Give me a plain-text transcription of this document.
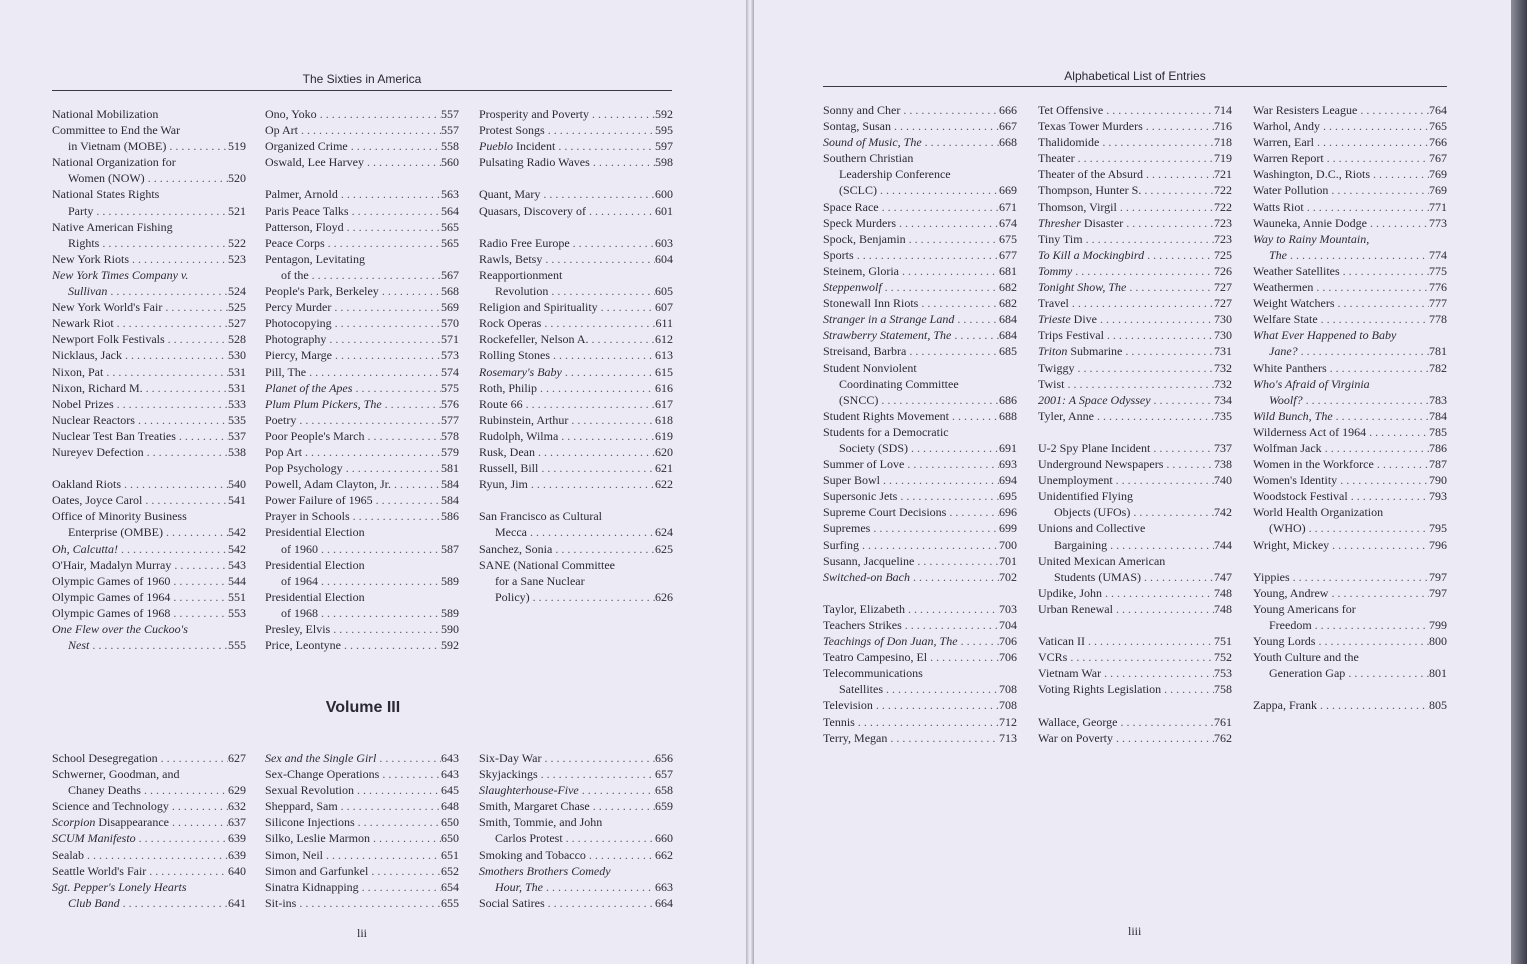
The Sixties in America
National Mobilization
Committee to End the War
in Vietnam (MOBE) .....	519
National Organization for
Women (NOW) .....	520
National States Rights
Party .....	521
Native American Fishing
Rights .....	522
New York Riots .....	523
New York Times Company v.
Sullivan .....	524
New York World's Fair .....	525
Newark Riot .....	527
Newport Folk Festivals .....	528
Nicklaus, Jack .....	530
Nixon, Pat .....	531
Nixon, Richard M. .....	531
Nobel Prizes .....	533
Nuclear Reactors .....	535
Nuclear Test Ban Treaties .....	537
Nureyev Defection .....	538
Oakland Riots .....	540
Oates, Joyce Carol .....	541
Office of Minority Business
Enterprise (OMBE) .....	542
Oh, Calcutta! .....	542
O'Hair, Madalyn Murray .....	543
Olympic Games of 1960 .....	544
Olympic Games of 1964 .....	551
Olympic Games of 1968 .....	553
One Flew over the Cuckoo's
Nest .....	555
Ono, Yoko .....	557
Op Art .....	557
Organized Crime .....	558
Oswald, Lee Harvey .....	560
Palmer, Arnold .....	563
Paris Peace Talks .....	564
Patterson, Floyd .....	565
Peace Corps .....	565
Pentagon, Levitating
of the .....	567
People's Park, Berkeley .....	568
Percy Murder .....	569
Photocopying .....	570
Photography .....	571
Piercy, Marge .....	573
Pill, The .....	574
Planet of the Apes .....	575
Plum Plum Pickers, The .....	576
Poetry .....	577
Poor People's March .....	578
Pop Art .....	579
Pop Psychology .....	581
Powell, Adam Clayton, Jr. .....	584
Power Failure of 1965 .....	584
Prayer in Schools .....	586
Presidential Election
of 1960 .....	587
Presidential Election
of 1964 .....	589
Presidential Election
of 1968 .....	589
Presley, Elvis .....	590
Price, Leontyne .....	592
Prosperity and Poverty .....	592
Protest Songs .....	595
Pueblo Incident .....	597
Pulsating Radio Waves .....	598
Quant, Mary .....	600
Quasars, Discovery of .....	601
Radio Free Europe .....	603
Rawls, Betsy .....	604
Reapportionment
Revolution .....	605
Religion and Spirituality .....	607
Rock Operas .....	611
Rockefeller, Nelson A. .....	612
Rolling Stones .....	613
Rosemary's Baby .....	615
Roth, Philip .....	616
Route 66 .....	617
Rubinstein, Arthur .....	618
Rudolph, Wilma .....	619
Rusk, Dean .....	620
Russell, Bill .....	621
Ryun, Jim .....	622
San Francisco as Cultural
Mecca .....	624
Sanchez, Sonia .....	625
SANE (National Committee
for a Sane Nuclear
Policy) .....	626
Volume III
School Desegregation .....	627
Schwerner, Goodman, and
Chaney Deaths .....	629
Science and Technology .....	632
Scorpion Disappearance .....	637
SCUM Manifesto .....	639
Sealab .....	639
Seattle World's Fair .....	640
Sgt. Pepper's Lonely Hearts
Club Band .....	641
Sex and the Single Girl .....	643
Sex-Change Operations .....	643
Sexual Revolution .....	645
Sheppard, Sam .....	648
Silicone Injections .....	650
Silko, Leslie Marmon .....	650
Simon, Neil .....	651
Simon and Garfunkel .....	652
Sinatra Kidnapping .....	654
Sit-ins .....	655
Six-Day War .....	656
Skyjackings .....	657
Slaughterhouse-Five .....	658
Smith, Margaret Chase .....	659
Smith, Tommie, and John
Carlos Protest .....	660
Smoking and Tobacco .....	662
Smothers Brothers Comedy
Hour, The .....	663
Social Satires .....	664
lii
Alphabetical List of Entries
Sonny and Cher .....	666
Sontag, Susan .....	667
Sound of Music, The .....	668
Southern Christian
Leadership Conference
(SCLC) .....	669
Space Race .....	671
Speck Murders .....	674
Spock, Benjamin .....	675
Sports .....	677
Steinem, Gloria .....	681
Steppenwolf .....	682
Stonewall Inn Riots .....	682
Stranger in a Strange Land .....	684
Strawberry Statement, The .....	684
Streisand, Barbra .....	685
Student Nonviolent
Coordinating Committee
(SNCC) .....	686
Student Rights Movement .....	688
Students for a Democratic
Society (SDS) .....	691
Summer of Love .....	693
Super Bowl .....	694
Supersonic Jets .....	695
Supreme Court Decisions .....	696
Supremes .....	699
Surfing .....	700
Susann, Jacqueline .....	701
Switched-on Bach .....	702
Taylor, Elizabeth .....	703
Teachers Strikes .....	704
Teachings of Don Juan, The .....	706
Teatro Campesino, El .....	706
Telecommunications
Satellites .....	708
Television .....	708
Tennis .....	712
Terry, Megan .....	713
Tet Offensive .....	714
Texas Tower Murders .....	716
Thalidomide .....	718
Theater .....	719
Theater of the Absurd .....	721
Thompson, Hunter S. .....	722
Thomson, Virgil .....	722
Thresher Disaster .....	723
Tiny Tim .....	723
To Kill a Mockingbird .....	725
Tommy .....	726
Tonight Show, The .....	727
Travel .....	727
Trieste Dive .....	730
Trips Festival .....	730
Triton Submarine .....	731
Twiggy .....	732
Twist .....	732
2001: A Space Odyssey .....	734
Tyler, Anne .....	735
U-2 Spy Plane Incident .....	737
Underground Newspapers .....	738
Unemployment .....	740
Unidentified Flying
Objects (UFOs) .....	742
Unions and Collective
Bargaining .....	744
United Mexican American
Students (UMAS) .....	747
Updike, John .....	748
Urban Renewal .....	748
Vatican II .....	751
VCRs .....	752
Vietnam War .....	753
Voting Rights Legislation .....	758
Wallace, George .....	761
War on Poverty .....	762
War Resisters League .....	764
Warhol, Andy .....	765
Warren, Earl .....	766
Warren Report .....	767
Washington, D.C., Riots .....	769
Water Pollution .....	769
Watts Riot .....	771
Wauneka, Annie Dodge .....	773
Way to Rainy Mountain,
The .....	774
Weather Satellites .....	775
Weathermen .....	776
Weight Watchers .....	777
Welfare State .....	778
What Ever Happened to Baby
Jane? .....	781
White Panthers .....	782
Who's Afraid of Virginia
Woolf? .....	783
Wild Bunch, The .....	784
Wilderness Act of 1964 .....	785
Wolfman Jack .....	786
Women in the Workforce .....	787
Women's Identity .....	790
Woodstock Festival .....	793
World Health Organization
(WHO) .....	795
Wright, Mickey .....	796
Yippies .....	797
Young, Andrew .....	797
Young Americans for
Freedom .....	799
Young Lords .....	800
Youth Culture and the
Generation Gap .....	801
Zappa, Frank .....	805
liii
